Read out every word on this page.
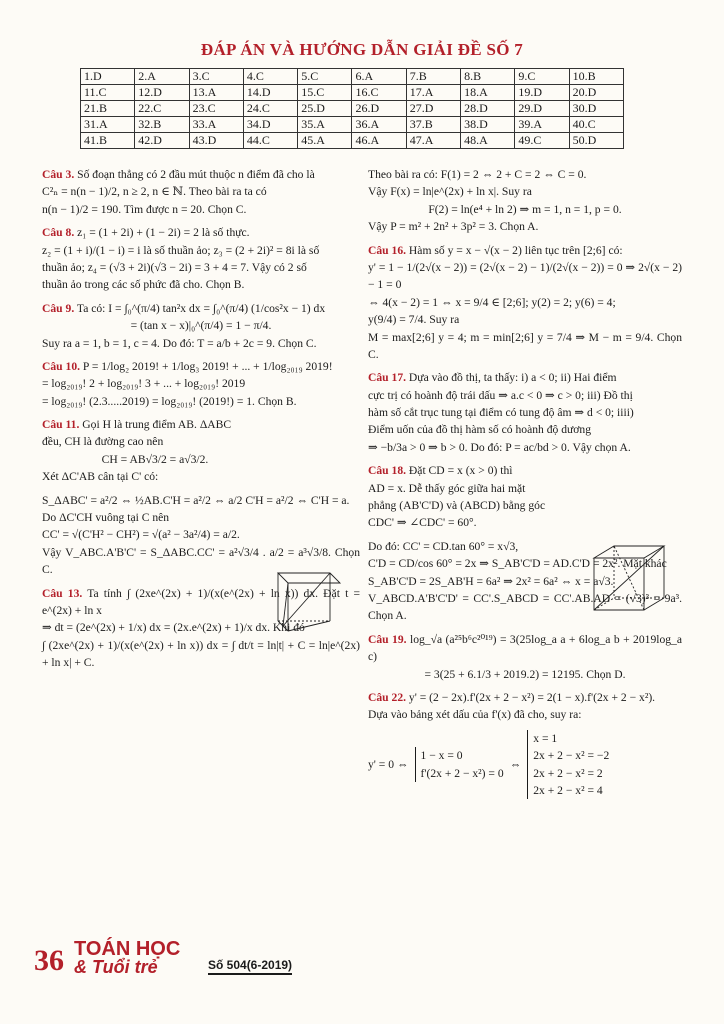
ĐÁP ÁN VÀ HƯỚNG DẪN GIẢI ĐỀ SỐ 7
1.D	2.A	3.C	4.C	5.C	6.A	7.B	8.B	9.C	10.B
11.C	12.D	13.A	14.D	15.C	16.C	17.A	18.A	19.D	20.D
21.B	22.C	23.C	24.C	25.D	26.D	27.D	28.D	29.D	30.D
31.A	32.B	33.A	34.D	35.A	36.A	37.B	38.D	39.A	40.C
41.B	42.D	43.D	44.C	45.A	46.A	47.A	48.A	49.C	50.D
Câu 3. Số đoạn thẳng có 2 đầu mút thuộc n điểm đã cho là
C²ₙ = n(n − 1)/2, n ≥ 2, n ∈ ℕ. Theo bài ra ta có
n(n − 1)/2 = 190. Tìm được n = 20. Chọn C.
Câu 8. z₁ = (1 + 2i) + (1 − 2i) = 2 là số thực.
z₂ = (1 + i)/(1 − i) = i là số thuần ảo; z₃ = (2 + 2i)² = 8i là số
thuần ảo; z₄ = (√3 + 2i)(√3 − 2i) = 3 + 4 = 7. Vậy có 2 số
thuần ảo trong các số phức đã cho. Chọn B.
Câu 9. Ta có: I = ∫₀^(π/4) tan²x dx = ∫₀^(π/4) (1/cos²x − 1) dx

= (tan x − x)|₀^(π/4) = 1 − π/4.
Suy ra a = 1, b = 1, c = 4. Do đó: T = a/b + 2c = 9. Chọn C.
Câu 10. P = 1/log₂ 2019! + 1/log₃ 2019! + ... + 1/log₂₀₁₉ 2019!
= log₂₀₁₉! 2 + log₂₀₁₉! 3 + ... + log₂₀₁₉! 2019
= log₂₀₁₉! (2.3.....2019) = log₂₀₁₉! (2019!) = 1. Chọn B.
Câu 11. Gọi H là trung điểm AB. ΔABC
đều, CH là đường cao nên

CH = AB√3/2 = a√3/2.
Xét ΔC'AB cân tại C' có:
S_ΔABC' = a²/2 ⇔ ½AB.C'H = a²/2 ⇔ a/2 C'H = a²/2 ⇔ C'H = a.
Do ΔC'CH vuông tại C nên
CC' = √(C'H² − CH²) = √(a² − 3a²/4) = a/2.
Vậy V_ABC.A'B'C' = S_ΔABC.CC' = a²√3/4 . a/2 = a³√3/8. Chọn C.
Câu 13. Ta tính ∫ (2xe^(2x) + 1)/(x(e^(2x) + ln x)) dx. Đặt t = e^(2x) + ln x
⇒ dt = (2e^(2x) + 1/x) dx = (2x.e^(2x) + 1)/x dx. Khi đó
∫ (2xe^(2x) + 1)/(x(e^(2x) + ln x)) dx = ∫ dt/t = ln|t| + C = ln|e^(2x) + ln x| + C.
Theo bài ra có: F(1) = 2 ⇔ 2 + C = 2 ⇔ C = 0.
Vậy F(x) = ln|e^(2x) + ln x|. Suy ra

F(2) = ln(e⁴ + ln 2) ⇒ m = 1, n = 1, p = 0.
Vậy P = m² + 2n² + 3p² = 3. Chọn A.
Câu 16. Hàm số y = x − √(x − 2) liên tục trên [2;6] có:
y' = 1 − 1/(2√(x − 2)) = (2√(x − 2) − 1)/(2√(x − 2)) = 0 ⇒ 2√(x − 2) − 1 = 0
⇔ 4(x − 2) = 1 ⇔ x = 9/4 ∈ [2;6]; y(2) = 2; y(6) = 4;
y(9/4) = 7/4. Suy ra
M = max[2;6] y = 4; m = min[2;6] y = 7/4 ⇒ M − m = 9/4. Chọn C.
Câu 17. Dựa vào đồ thị, ta thấy: i) a < 0; ii) Hai điểm
cực trị có hoành độ trái dấu ⇒ a.c < 0 ⇒ c > 0; iii) Đồ thị
hàm số cắt trục tung tại điểm có tung độ âm ⇒ d < 0; iiii)
Điểm uốn của đồ thị hàm số có hoành độ dương
⇒ −b/3a > 0 ⇒ b > 0. Do đó: P = ac/bd > 0. Vậy chọn A.
Câu 18. Đặt CD = x (x > 0) thì
AD = x. Dễ thấy góc giữa hai mặt
phẳng (AB'C'D) và (ABCD) bằng góc
CDC' ⇒ ∠CDC' = 60°.
Do đó: CC' = CD.tan 60° = x√3,
C'D = CD/cos 60° = 2x ⇒ S_AB'C'D = AD.C'D = 2x². Mặt khác
S_AB'C'D = 2S_AB'H = 6a² ⇒ 2x² = 6a² ⇔ x = a√3.
V_ABCD.A'B'C'D' = CC'.S_ABCD = CC'.AB.AD = (√3)³ = 9a³. Chọn A.
Câu 19. log_√a (a²⁵b⁶c²⁰¹⁹) = 3(25log_a a + 6log_a b + 2019log_a c)

= 3(25 + 6.1/3 + 2019.2) = 12195. Chọn D.
Câu 22. y' = (2 − 2x).f'(2x + 2 − x²) = 2(1 − x).f'(2x + 2 − x²).
Dựa vào bảng xét dấu của f'(x) đã cho, suy ra:
y' = 0 ⇔
1 − x = 0
f'(2x + 2 − x²) = 0
⇔
x = 1
2x + 2 − x² = −2
2x + 2 − x² = 2
2x + 2 − x² = 4
36 TOÁN HỌC
& Tuổi trẻ	Số 504(6-2019)
